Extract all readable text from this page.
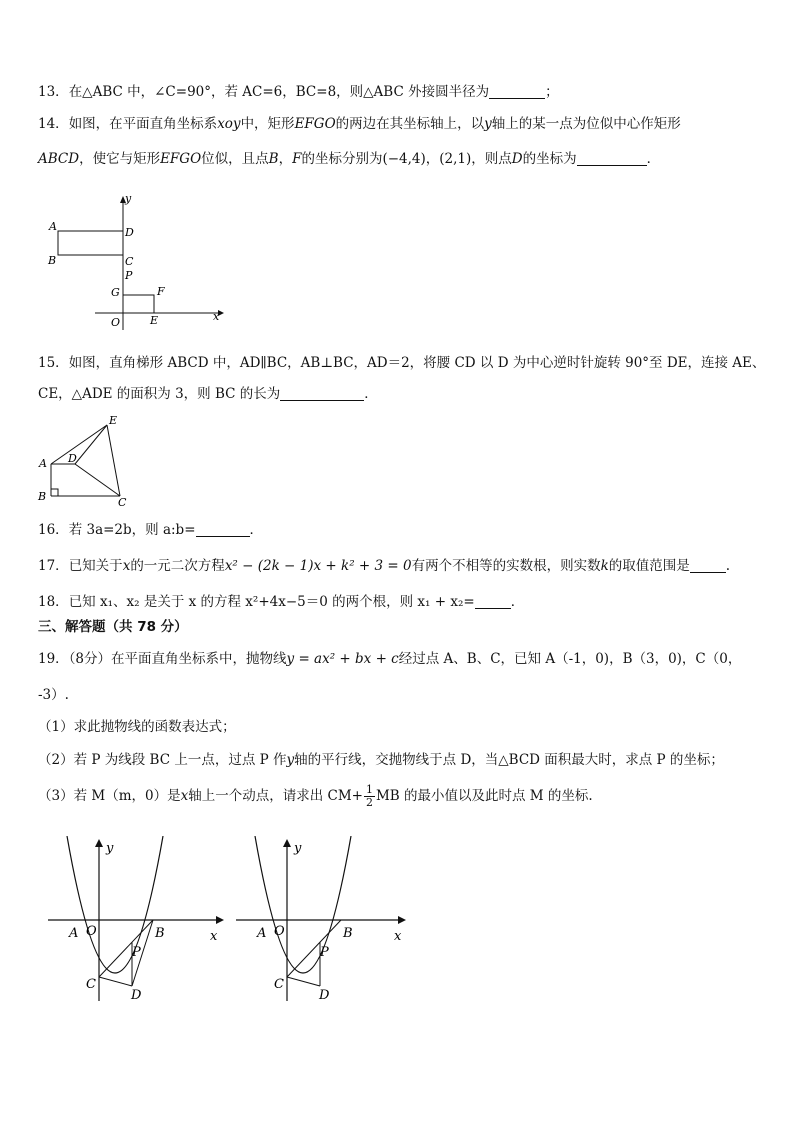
13．在△ABC 中，∠C=90°，若 AC=6，BC=8，则△ABC 外接圆半径为	；
14．如图，在平面直角坐标系xoy中，矩形EFGO的两边在其坐标轴上，以y轴上的某一点为位似中心作矩形
ABCD，使它与矩形EFGO位似，且点B，F的坐标分别为(−4,4)，(2,1)，则点D的坐标为	．
y
x
A	D
B	C
P
G	F
O	E
15．如图，直角梯形 ABCD 中，AD∥BC，AB⊥BC，AD＝2，将腰 CD 以 D 为中心逆时针旋转 90°至 DE，连接 AE、
CE，△ADE 的面积为 3，则 BC 的长为	．
E
A D
B	C
16．若 3a=2b，则 a:b=	．
17．已知关于x的一元二次方程x² − (2k − 1)x + k² + 3 = 0有两个不相等的实数根，则实数k的取值范围是	.
18．已知 x₁、x₂ 是关于 x 的方程 x²+4x−5＝0 的两个根，则 x₁ + x₂=	．
三、解答题（共 78 分）
19．（8分）在平面直角坐标系中，抛物线y = ax² + bx + c经过点 A、B、C，已知 A（-1，0)，B（3，0)，C（0，
-3）.
（1）求此抛物线的函数表达式；
（2）若 P 为线段 BC 上一点，过点 P 作y轴的平行线，交抛物线于点 D，当△BCD 面积最大时，求点 P 的坐标；
（3）若 M（m，0）是x轴上一个动点，请求出 $CM+ \frac{1}{2}$ MB 的最小值以及此时点 M 的坐标.
y
x
A O	B
P
C
D
y
x
A O	B
P
C
D
